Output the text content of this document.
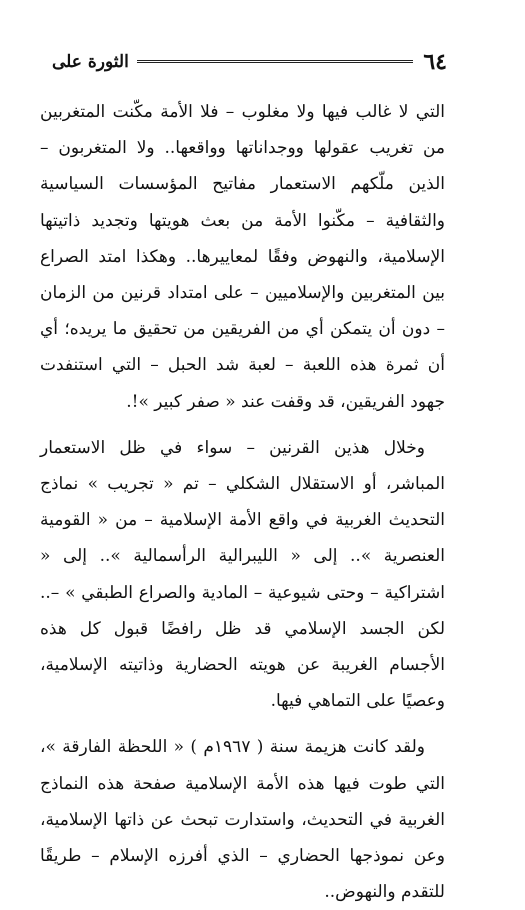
٦٤
الثورة على

التي لا غالب فيها ولا مغلوب – فلا الأمة مكّنت المتغربين من تغريب عقولها ووجداناتها وواقعها.. ولا المتغربون – الذين ملّكهم الاستعمار مفاتيح المؤسسات السياسية والثقافية – مكّنوا الأمة من بعث هويتها وتجديد ذاتيتها الإسلامية، والنهوض وفقًا لمعاييرها.. وهكذا امتد الصراع بين المتغربين والإسلاميين – على امتداد قرنين من الزمان – دون أن يتمكن أي من الفريقين من تحقيق ما يريده؛ أي أن ثمرة هذه اللعبة – لعبة شد الحبل – التي استنفدت جهود الفريقين، قد وقفت عند « صفر كبير »!.

وخلال هذين القرنين – سواء في ظل الاستعمار المباشر، أو الاستقلال الشكلي – تم « تجريب » نماذج التحديث الغربية في واقع الأمة الإسلامية – من « القومية العنصرية ».. إلى « الليبرالية الرأسمالية ».. إلى « اشتراكية – وحتى شيوعية – المادية والصراع الطبقي » –.. لكن الجسد الإسلامي قد ظل رافضًا قبول كل هذه الأجسام الغريبة عن هويته الحضارية وذاتيته الإسلامية، وعصيًا على التماهي فيها.

ولقد كانت هزيمة سنة ( ١٩٦٧م ) « اللحظة الفارقة »، التي طوت فيها هذه الأمة الإسلامية صفحة هذه النماذج الغربية في التحديث، واستدارت تبحث عن ذاتها الإسلامية، وعن نموذجها الحضاري – الذي أفرزه الإسلام – طريقًا للتقدم والنهوض..
